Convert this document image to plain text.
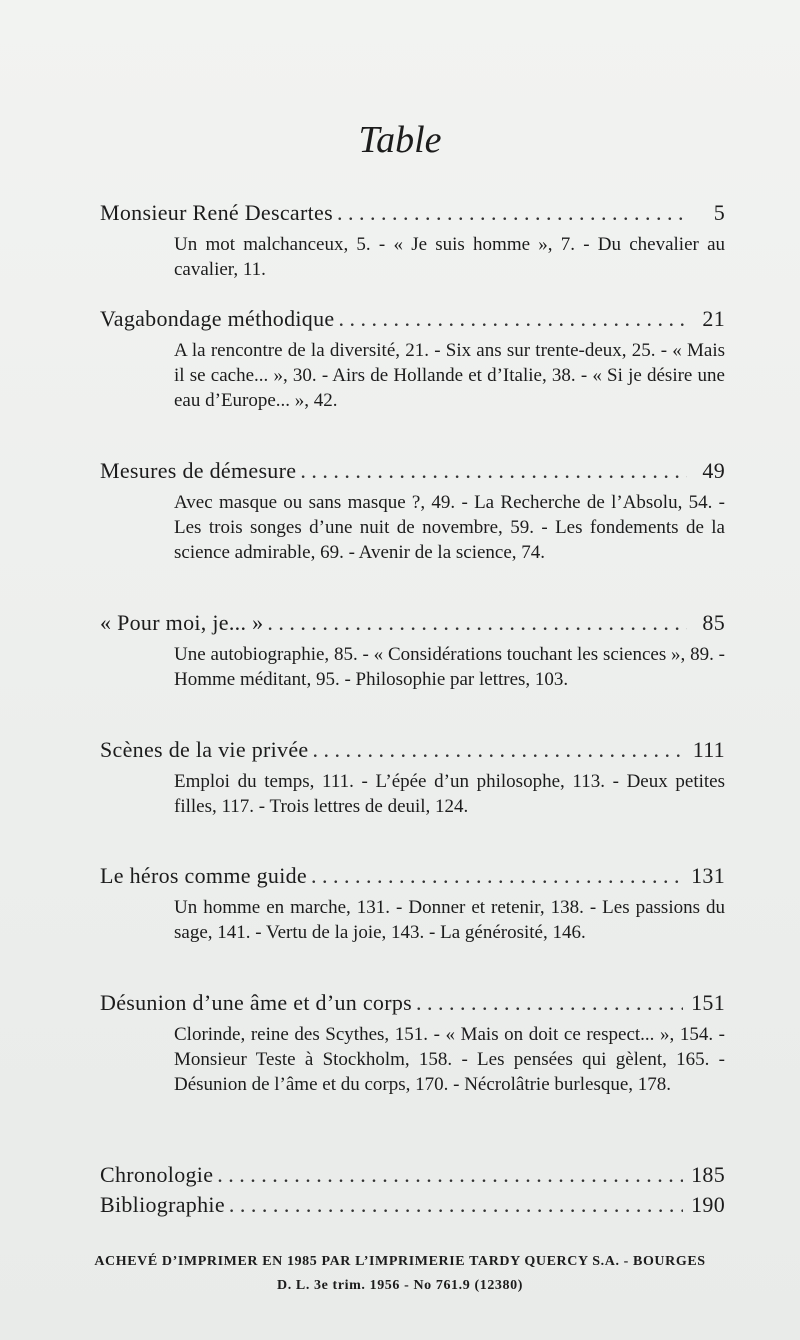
Table
Monsieur René Descartes . . .	5
Un mot malchanceux, 5. - « Je suis homme », 7. - Du chevalier au cavalier, 11.
Vagabondage méthodique . . .	21
A la rencontre de la diversité, 21. - Six ans sur trente-deux, 25. - « Mais il se cache... », 30. - Airs de Hollande et d’Italie, 38. - « Si je désire une eau d’Europe... », 42.
Mesures de démesure . . .	49
Avec masque ou sans masque ?, 49. - La Recherche de l’Absolu, 54. - Les trois songes d’une nuit de novembre, 59. - Les fondements de la science admirable, 69. - Avenir de la science, 74.
« Pour moi, je... » . . .	85
Une autobiographie, 85. - « Considérations touchant les sciences », 89. - Homme méditant, 95. - Philosophie par lettres, 103.
Scènes de la vie privée . . .	111
Emploi du temps, 111. - L’épée d’un philosophe, 113. - Deux petites filles, 117. - Trois lettres de deuil, 124.
Le héros comme guide . . .	131
Un homme en marche, 131. - Donner et retenir, 138. - Les passions du sage, 141. - Vertu de la joie, 143. - La générosité, 146.
Désunion d’une âme et d’un corps . . .	151
Clorinde, reine des Scythes, 151. - « Mais on doit ce respect... », 154. - Monsieur Teste à Stockholm, 158. - Les pensées qui gèlent, 165. - Désunion de l’âme et du corps, 170. - Nécrolâtrie burlesque, 178.
Chronologie . . .	185
Bibliographie . . .	190
ACHEVÉ D’IMPRIMER EN 1985 PAR L’IMPRIMERIE TARDY QUERCY S.A. - BOURGES
D. L. 3e trim. 1956 - No 761.9 (12380)
